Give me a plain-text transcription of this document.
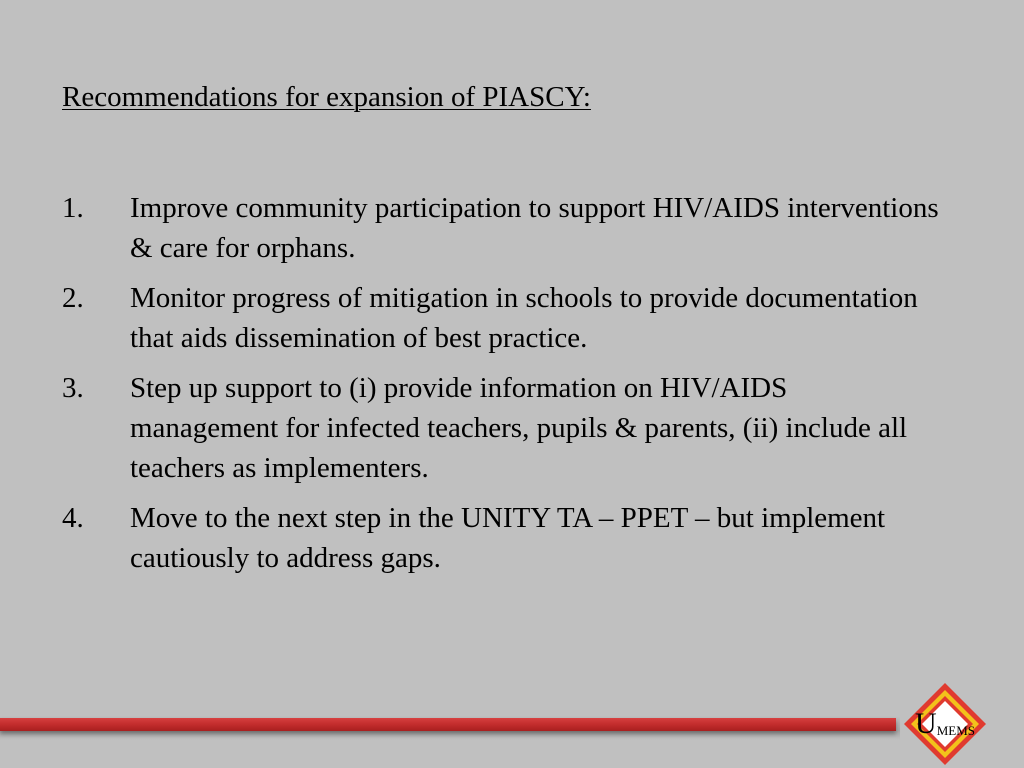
Recommendations for expansion of PIASCY:
1. Improve community participation to support HIV/AIDS interventions & care for orphans.
2. Monitor progress of mitigation in schools to provide documentation that aids dissemination of best practice.
3. Step up support to (i) provide information on HIV/AIDS management for infected teachers, pupils & parents, (ii) include all teachers as implementers.
4. Move to the next step in the UNITY TA – PPET – but implement cautiously to address gaps.
U MEMS
